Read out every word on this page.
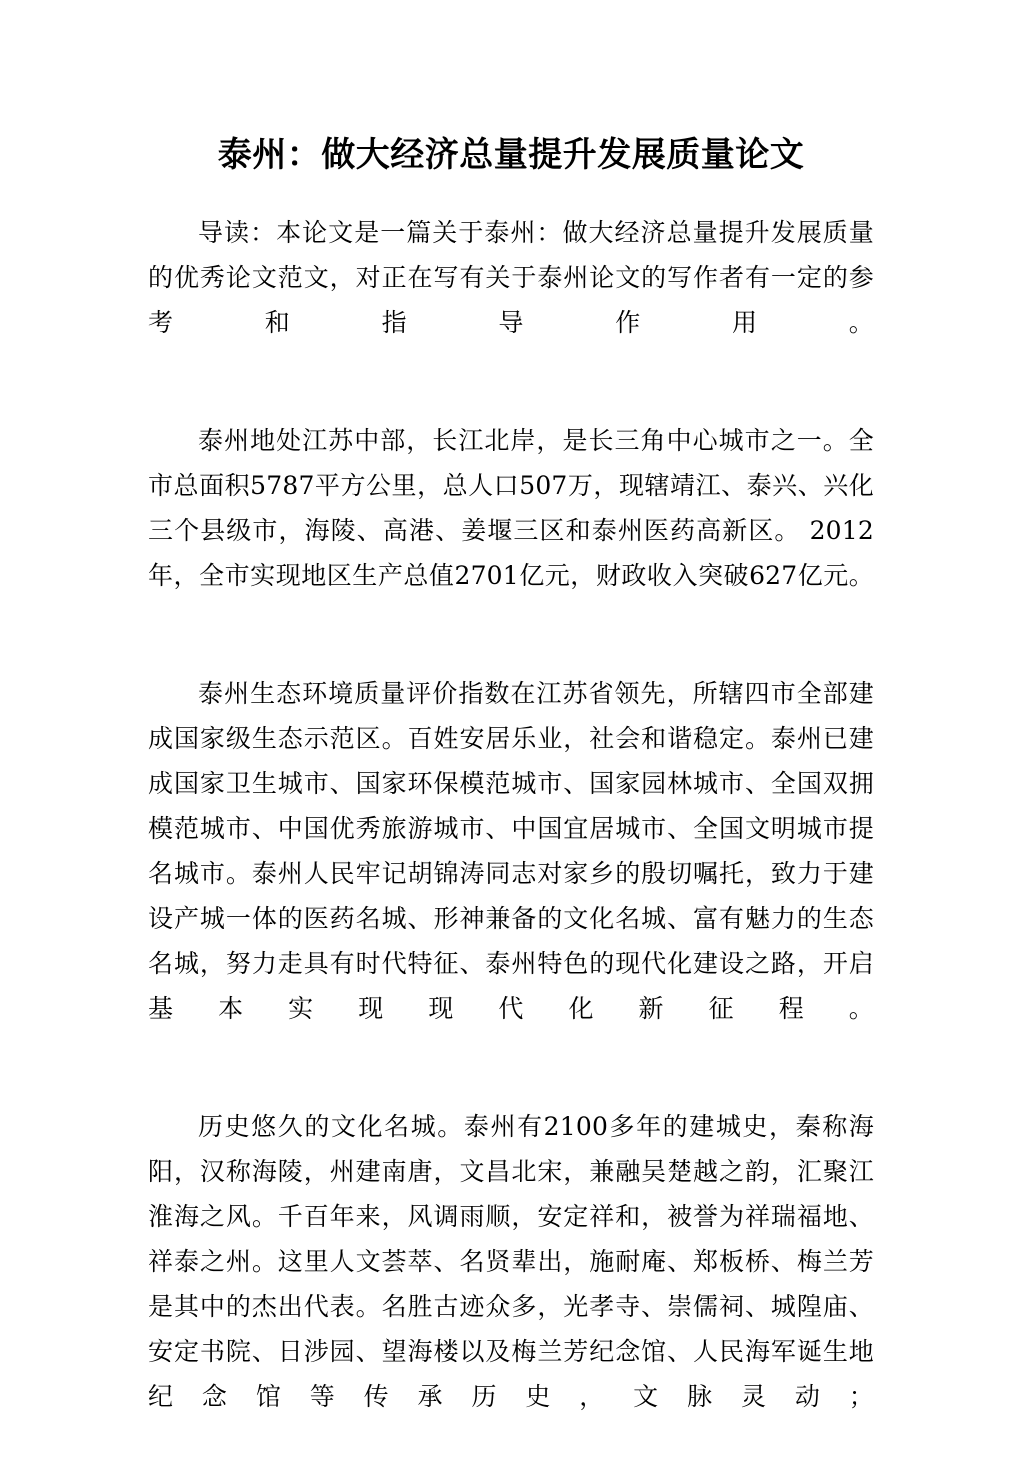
泰州：做大经济总量提升发展质量论文

导读：本论文是一篇关于泰州：做大经济总量提升发展质量的优秀论文范文，对正在写有关于泰州论文的写作者有一定的参考和指导作用。

泰州地处江苏中部，长江北岸，是长三角中心城市之一。全市总面积5787平方公里，总人口507万，现辖靖江、泰兴、兴化三个县级市，海陵、高港、姜堰三区和泰州医药高新区。 2012年，全市实现地区生产总值2701亿元，财政收入突破627亿元。

泰州生态环境质量评价指数在江苏省领先，所辖四市全部建成国家级生态示范区。百姓安居乐业，社会和谐稳定。泰州已建成国家卫生城市、国家环保模范城市、国家园林城市、全国双拥模范城市、中国优秀旅游城市、中国宜居城市、全国文明城市提名城市。泰州人民牢记胡锦涛同志对家乡的殷切嘱托，致力于建设产城一体的医药名城、形神兼备的文化名城、富有魅力的生态名城，努力走具有时代特征、泰州特色的现代化建设之路，开启基本实现现代化新征程。

历史悠久的文化名城。泰州有2100多年的建城史，秦称海阳，汉称海陵，州建南唐，文昌北宋，兼融吴楚越之韵，汇聚江淮海之风。千百年来，风调雨顺，安定祥和，被誉为祥瑞福地、祥泰之州。这里人文荟萃、名贤辈出，施耐庵、郑板桥、梅兰芳是其中的杰出代表。名胜古迹众多，光孝寺、崇儒祠、城隍庙、安定书院、日涉园、望海楼以及梅兰芳纪念馆、人民海军诞生地纪念馆等传承历史，文脉灵动；
